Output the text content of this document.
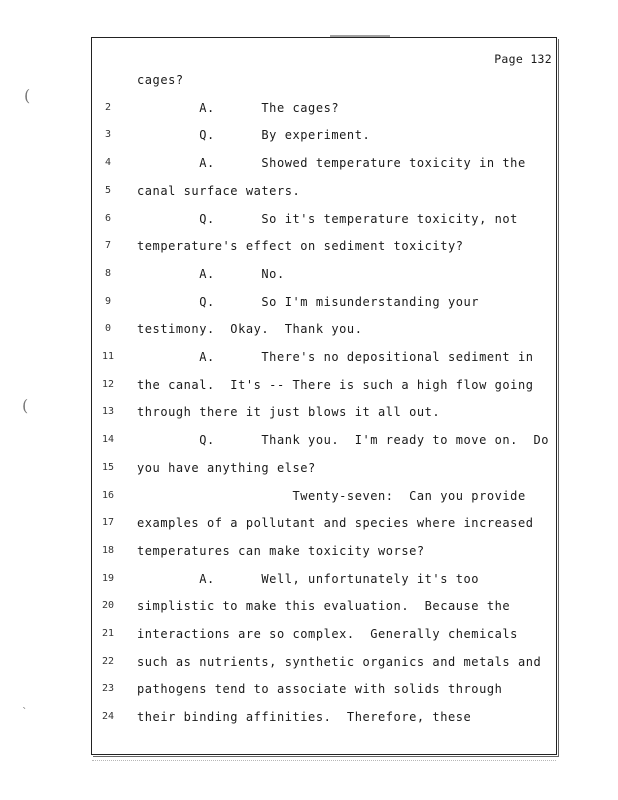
Page 132
cages?
2	A.      The cages?
3	Q.      By experiment.
4	A.      Showed temperature toxicity in the
5	canal surface waters.
6	Q.      So it's temperature toxicity, not
7	temperature's effect on sediment toxicity?
8	A.      No.
9	Q.      So I'm misunderstanding your
0	testimony.  Okay.  Thank you.
11	A.      There's no depositional sediment in
12	the canal.  It's -- There is such a high flow going
13	through there it just blows it all out.
14	Q.      Thank you.  I'm ready to move on.  Do
15	you have anything else?
16	Twenty-seven:  Can you provide
17	examples of a pollutant and species where increased
18	temperatures can make toxicity worse?
19	A.      Well, unfortunately it's too
20	simplistic to make this evaluation.  Because the
21	interactions are so complex.  Generally chemicals
22	such as nutrients, synthetic organics and metals and
23	pathogens tend to associate with solids through
24	their binding affinities.  Therefore, these
(
(
`
